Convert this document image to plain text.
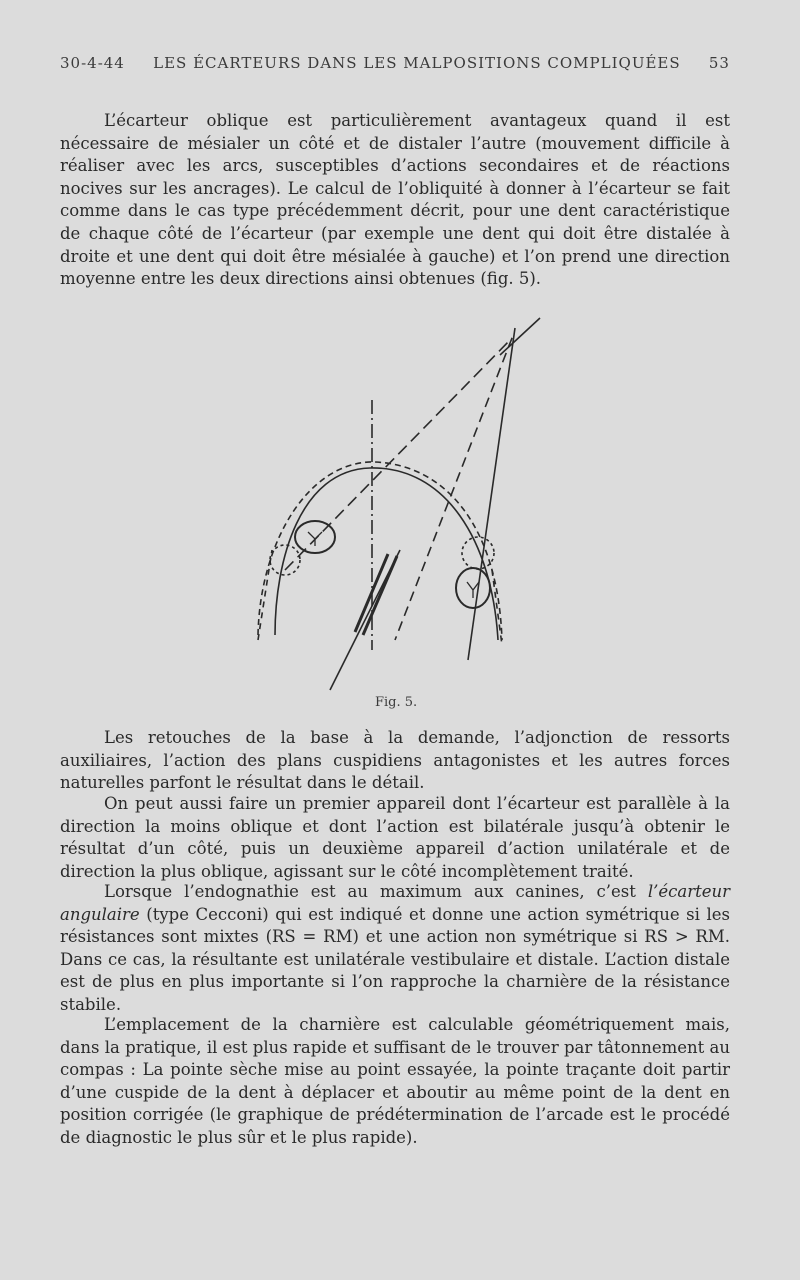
30-4-44 LES ÉCARTEURS DANS LES MALPOSITIONS COMPLIQUÉES 53

L’écarteur oblique est particulièrement avantageux quand il est nécessaire de mésialer un côté et de distaler l’autre (mouvement difficile à réaliser avec les arcs, susceptibles d’actions secondaires et de réactions nocives sur les ancrages). Le calcul de l’obliquité à donner à l’écarteur se fait comme dans le cas type précédemment décrit, pour une dent caractéristique de chaque côté de l’écarteur (par exemple une dent qui doit être distalée à droite et une dent qui doit être mésialée à gauche) et l’on prend une direction moyenne entre les deux directions ainsi obtenues (fig. 5).

Fig. 5.

Les retouches de la base à la demande, l’adjonction de ressorts auxiliaires, l’action des plans cuspidiens antagonistes et les autres forces naturelles parfont le résultat dans le détail.

On peut aussi faire un premier appareil dont l’écarteur est parallèle à la direction la moins oblique et dont l’action est bilatérale jusqu’à obtenir le résultat d’un côté, puis un deuxième appareil d’action unilatérale et de direction la plus oblique, agissant sur le côté incomplètement traité.

Lorsque l’endognathie est au maximum aux canines, c’est l’écarteur angulaire (type Cecconi) qui est indiqué et donne une action symétrique si les résistances sont mixtes (RS = RM) et une action non symétrique si RS > RM. Dans ce cas, la résultante est unilatérale vestibulaire et distale. L’action distale est de plus en plus importante si l’on rapproche la charnière de la résistance stabile.

L’emplacement de la charnière est calculable géométriquement mais, dans la pratique, il est plus rapide et suffisant de le trouver par tâtonnement au compas : La pointe sèche mise au point essayée, la pointe traçante doit partir d’une cuspide de la dent à déplacer et aboutir au même point de la dent en position corrigée (le graphique de prédétermination de l’arcade est le procédé de diagnostic le plus sûr et le plus rapide).
